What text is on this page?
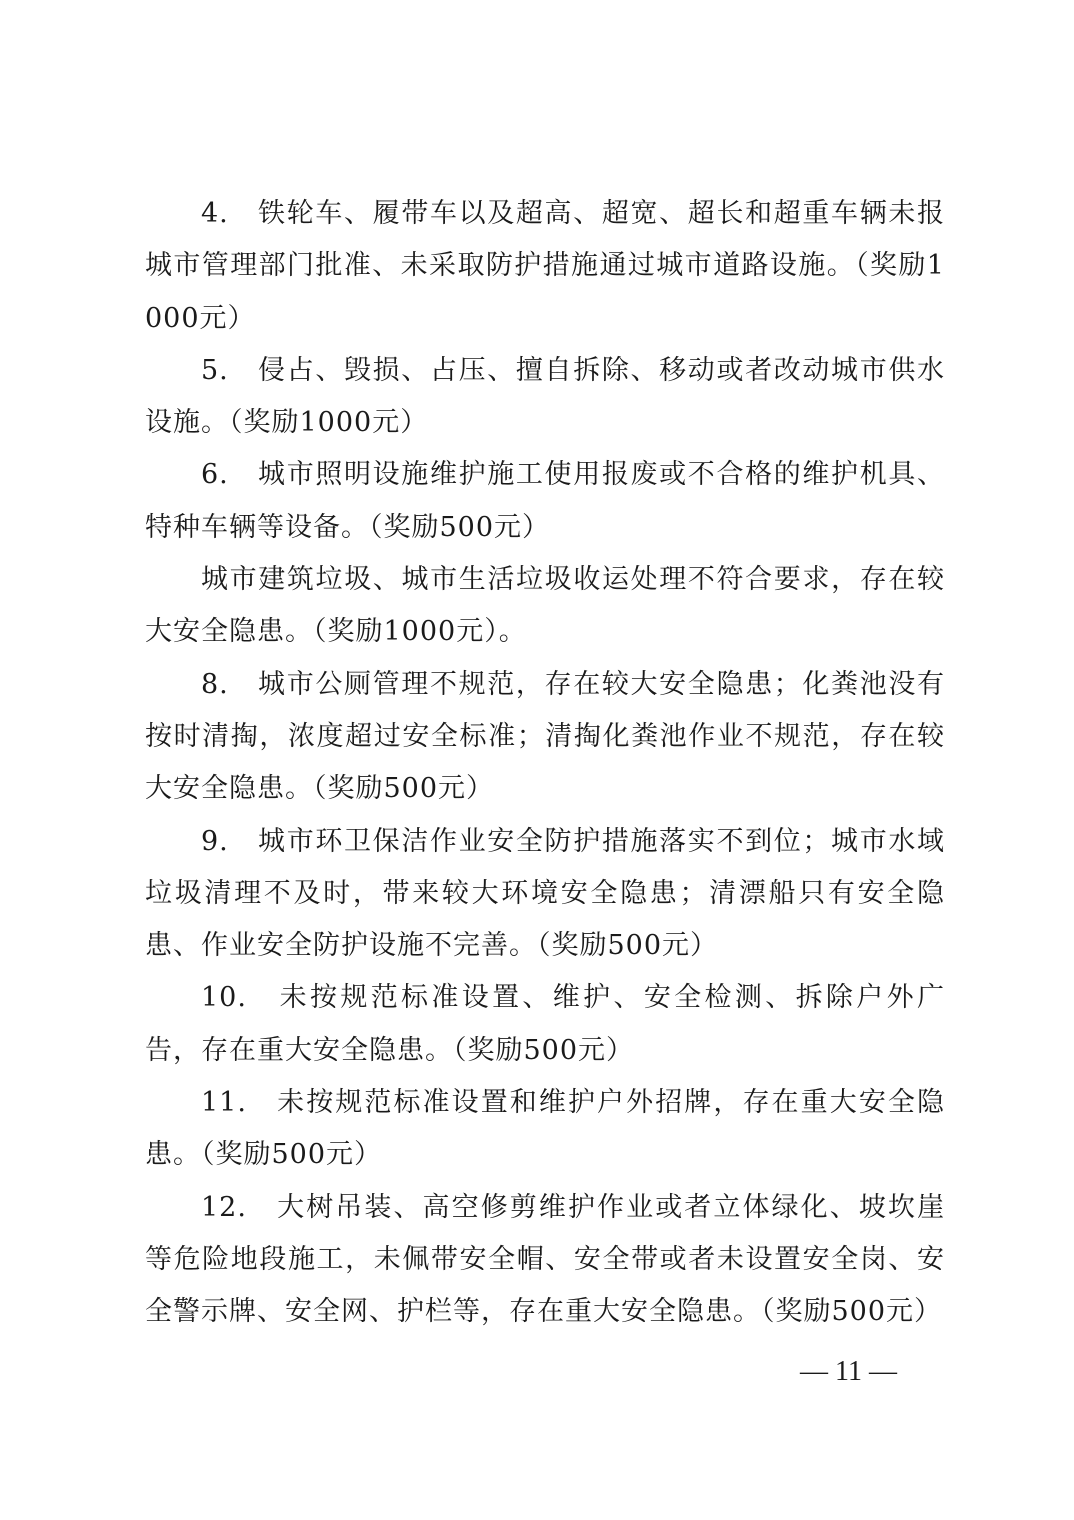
4.　铁轮车、履带车以及超高、超宽、超长和超重车辆未报城市管理部门批准、未采取防护措施通过城市道路设施。（奖励1000元）

5.　侵占、毁损、占压、擅自拆除、移动或者改动城市供水设施。（奖励1000元）

6.　城市照明设施维护施工使用报废或不合格的维护机具、特种车辆等设备。（奖励500元）

城市建筑垃圾、城市生活垃圾收运处理不符合要求，存在较大安全隐患。（奖励1000元）。

8.　城市公厕管理不规范，存在较大安全隐患；化粪池没有按时清掏，浓度超过安全标准；清掏化粪池作业不规范，存在较大安全隐患。（奖励500元）

9.　城市环卫保洁作业安全防护措施落实不到位；城市水域垃圾清理不及时，带来较大环境安全隐患；清漂船只有安全隐患、作业安全防护设施不完善。（奖励500元）

10.　未按规范标准设置、维护、安全检测、拆除户外广告，存在重大安全隐患。（奖励500元）

11.　未按规范标准设置和维护户外招牌，存在重大安全隐患。（奖励500元）

12.　大树吊装、高空修剪维护作业或者立体绿化、坡坎崖等危险地段施工，未佩带安全帽、安全带或者未设置安全岗、安全警示牌、安全网、护栏等，存在重大安全隐患。（奖励500元）

— 11 —
